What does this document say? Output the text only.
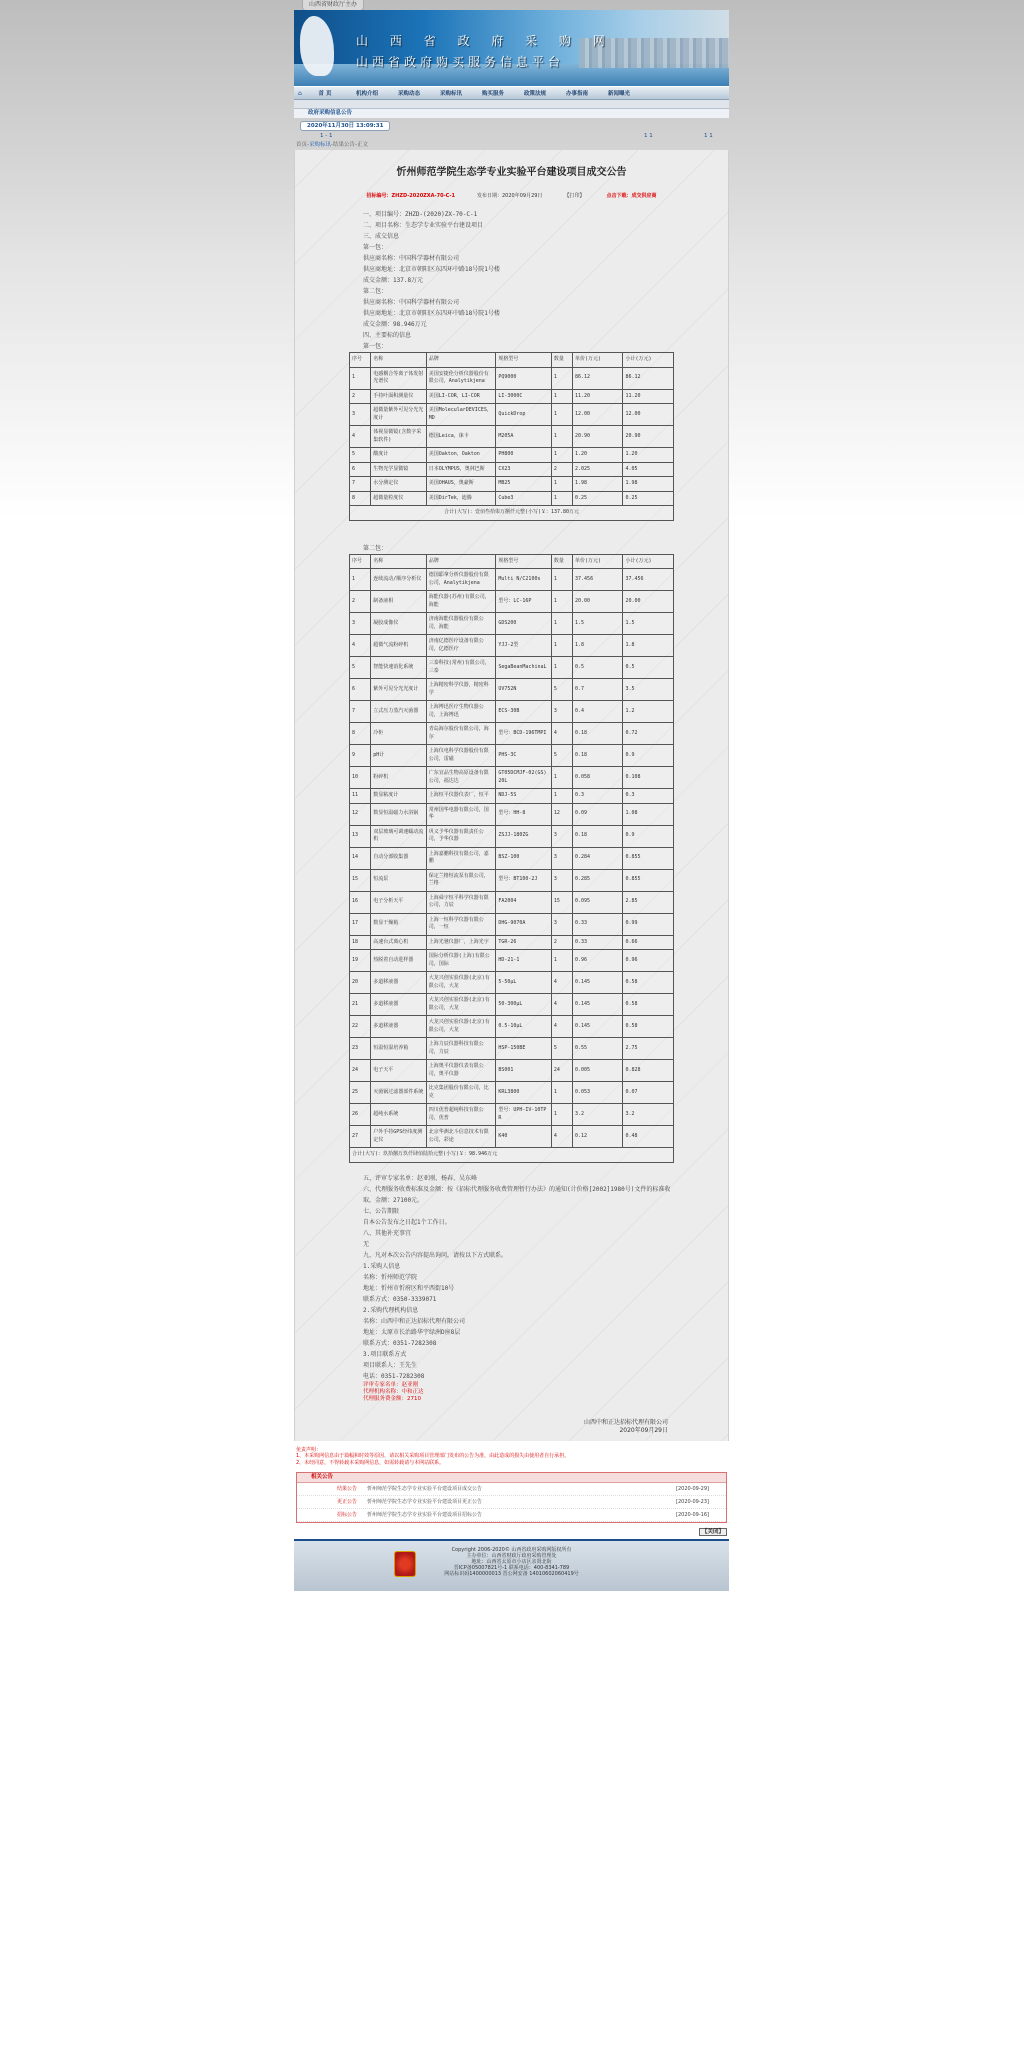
山西省财政厅主办
山 西 省 政 府 采 购 网
山西省政府购买服务信息平台
⌂	首 页	机构介绍	采购动态	采购标讯	购买服务	政策法规	办事指南	新闻曝光
政府采购信息公告
2020年11月30日 13:09:31
1 - 1	1 1	1 1
首页-采购标讯-结果公告-正文
忻州师范学院生态学专业实验平台建设项目成交公告
招标编号：ZHZD-2020ZXA-70-C-1	发布日期：2020年09月29日	【打印】	点击下载：成交供应商
一、项目编号：ZHZD-(2020)ZX-70-C-1
二、项目名称：生态学专业实验平台建设项目
三、成交信息
第一包：
供应商名称：中国科学器材有限公司
供应商地址：北京市朝阳区东四环中路18号院1号楼
成交金额：137.8万元
第二包：
供应商名称：中国科学器材有限公司
供应商地址：北京市朝阳区东四环中路18号院1号楼
成交金额：98.946万元
四、主要标的信息
第一包：
序号	名称	品牌	规格型号	数量	单价(万元)	小计(万元)
1	电感耦合等离子体发射光谱仪	美国安捷伦分析仪器股份有限公司，Analytikjena	PQ9000	1	86.12	86.12
2	手持叶面积测量仪	美国LI-COR，LI-COR	LI-3000C	1	11.20	11.20
3	超微量紫外可见分光光度计	美国MolecularDEVICES，MD	QuickDrop	1	12.00	12.00
4	体视显微镜(含数字采集软件)	德国Leica，徕卡	M205A	1	20.90	20.90
5	酸度计	美国Oakton，Oakton	PH800	1	1.20	1.20
6	生物光学显微镜	日本OLYMPUS，奥林巴斯	CX23	2	2.025	4.05
7	水分测定仪	美国OHAUS，奥豪斯	MB25	1	1.98	1.98
8	超微量粒度仪	美国DirTek，迪腾	Cube3	1	0.25	0.25
合计(大写)：壹佰叁拾柒万捌仟元整(小写)￥：137.80万元						
第二包：
序号	名称	品牌	规格型号	数量	单价(万元)	小计(万元)
1	连续流动/顺序分析仪	德国耶拿分析仪器股份有限公司，Analytikjena	Multi N/C2100s	1	37.456	37.456
2	制备液相	海能仪器(苏州)有限公司，海能	型号：LC-16P	1	20.00	20.00
3	凝胶成像仪	济南海能仪器股份有限公司，海能	GDS200	1	1.5	1.5
4	超微气流粉碎机	济南亿德医疗设备有限公司，亿德医疗	YJJ-2型	1	1.8	1.8
5	智能快速消化系统	三泰科技(常州)有限公司，三泰	SegaBeanMachinaL	1	0.5	0.5
6	紫外可见分光光度计	上海精密科学仪器，精密科学	UV752N	5	0.7	3.5
7	立式压力蒸汽灭菌器	上海博迅医疗生物仪器公司，上海博迅	ECS-30B	3	0.4	1.2
8	冷柜	青岛海尔股份有限公司，海尔	型号：BCD-196TMPI	4	0.18	0.72
9	pH计	上海仪电科学仪器股份有限公司，雷磁	PHS-3C	5	0.18	0.9
10	粉碎机	广东宜品生物高原设备有限公司，福达达	GT05DCMJF-02(GS)20L	1	0.058	0.108
11	数显粘度计	上海恒平仪器仪表厂，恒平	NDJ-5S	1	0.3	0.3
12	数显恒温磁力水浴锅	常州国华电器有限公司，国华	型号：HH-8	12	0.09	1.08
13	双层玻璃可调速蠕动流机	巩义予华仪器有限责任公司，予华仪器	ZSJJ-180ZG	3	0.18	0.9
14	自动分部收集器	上海嘉鹏科技有限公司，嘉鹏	BSZ-100	3	0.284	0.855
15	恒流泵	保定兰格恒流泵有限公司，兰格	型号：BT100-2J	3	0.285	0.855
16	电子分析天平	上海舜宇恒平科学仪器有限公司，力辰	FA2004	15	0.095	2.85
17	数显干燥箱	上海一恒科学仪器有限公司，一恒	DHG-9070A	3	0.33	0.99
18	高速台式离心机	上海光驰仪器厂，上海光宇	TGR-26	2	0.33	0.66
19	热脱着自动进样器	国际分析仪器(上海)有限公司，国际	HD-21-1	1	0.96	0.96
20	多道移液器	大龙兴创实验仪器(北京)有限公司，大龙	5-50μL	4	0.145	0.58
21	多道移液器	大龙兴创实验仪器(北京)有限公司，大龙	50-300μL	4	0.145	0.58
22	多道移液器	大龙兴创实验仪器(北京)有限公司，大龙	0.5-10μL	4	0.145	0.58
23	恒温恒湿培养箱	上海力辰仪器科技有限公司，力辰	HSP-150BE	5	0.55	2.75
24	电子天平	上海奥平仪器仪表有限公司，奥平仪器	BS001	24	0.005	0.828
25	灭菌锅过滤器部件系统	比克集团股份有限公司，比克	KRL3800	1	0.053	0.07
26	超纯水系统	四川优普超纯科技有限公司，优普	型号：UPH-IV-10TPR	1	3.2	3.2
27	户外手持GPS经纬度测定仪	北京华测北斗信息技术有限公司，彩途	K40	4	0.12	0.48
合计(大写)：玖拾捌万玖仟肆佰陆拾元整(小写)￥：98.946万元						
五、评审专家名单：赵亚刚、杨春、吴东峰
六、代理服务收费标准及金额：按《招标代理服务收费管理暂行办法》的通知(计价格[2002]1980号)文件的标准收取，金额：27100元。
七、公告期限
自本公告发布之日起1个工作日。
八、其他补充事宜
无
九、凡对本次公告内容提出询问，请按以下方式联系。
1.采购人信息
名称：忻州师范学院
地址：忻州市忻府区和平西街10号
联系方式：0350-3339071
2.采购代理机构信息
名称：山西中和正达招标代理有限公司
地址：太原市长治路华宇绿洲D座8层
联系方式：0351-7282308
3.项目联系方式
项目联系人：王先生
电话：0351-7282308
评审专家名单：赵亚刚
代理机构名称：中和正达
代理服务费金额：2710
山西中和正达招标代理有限公司
2020年09月29日
免责声明：
1、本采购网信息由于篇幅和时效等原因，请以相关采购项目管理部门发布的公告为准，由此造成的损失由使用者自行承担。
2、未经同意，不得转载本采购网信息，如需转载请与本网站联系。
相关公告
结果公告	忻州师范学院生态学专业实验平台建设项目成交公告	[2020-09-29]
更正公告	忻州师范学院生态学专业实验平台建设项目更正公告	[2020-09-23]
招标公告	忻州师范学院生态学专业实验平台建设项目招标公告	[2020-09-16]
【关闭】
Copyright 2006-2020© 山西省政府采购网版权所有
主办单位：山西省财政厅政府采购管理处
地址：山西省太原市小店区亲贤北街
晋ICP备05007821号-1 联系电话：400-8341-789
网站标识码1400000013 晋公网安备 14010602060419号
